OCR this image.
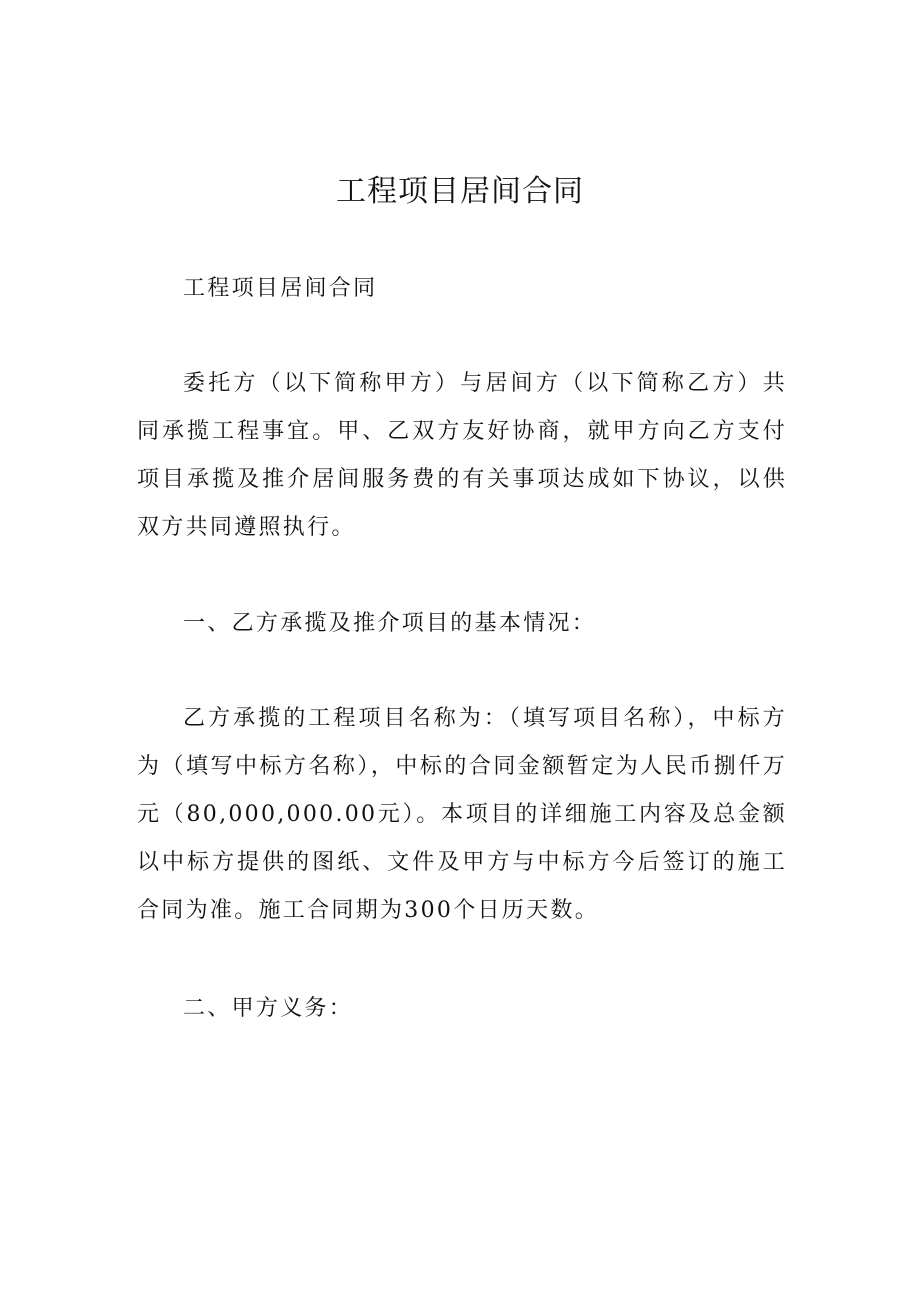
工程项目居间合同

工程项目居间合同

委托方（以下简称甲方）与居间方（以下简称乙方）共同承揽工程事宜。甲、乙双方友好协商，就甲方向乙方支付项目承揽及推介居间服务费的有关事项达成如下协议，以供双方共同遵照执行。

一、乙方承揽及推介项目的基本情况：

乙方承揽的工程项目名称为：（填写项目名称），中标方为（填写中标方名称），中标的合同金额暂定为人民币捌仟万元（80,000,000.00元）。本项目的详细施工内容及总金额以中标方提供的图纸、文件及甲方与中标方今后签订的施工合同为准。施工合同期为300个日历天数。

二、甲方义务：
